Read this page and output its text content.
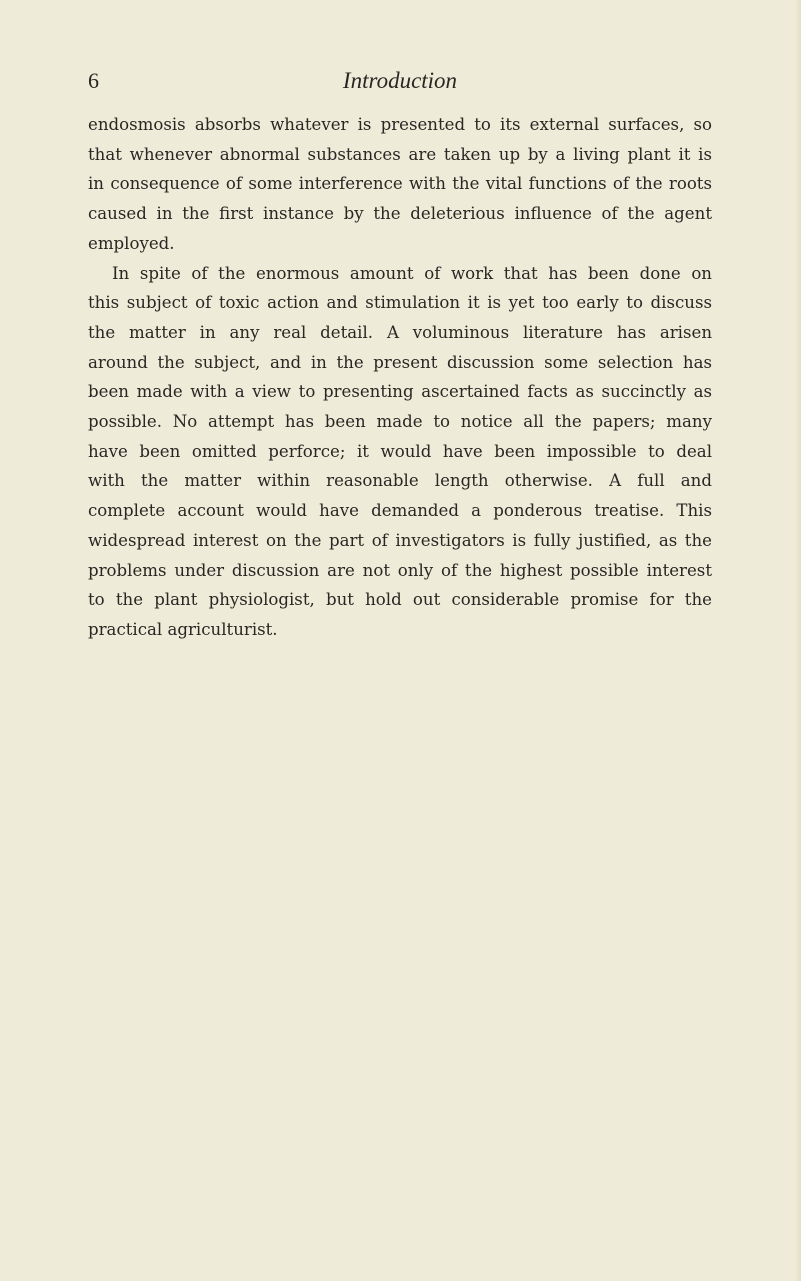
6	Introduction
endosmosis absorbs whatever is presented to its external surfaces, so
that whenever abnormal substances are taken up by a living plant it is
in consequence of some interference with the vital functions of the roots
caused in the first instance by the deleterious influence of the agent
employed.
In spite of the enormous amount of work that has been done on
this subject of toxic action and stimulation it is yet too early to discuss
the matter in any real detail. A voluminous literature has arisen
around the subject, and in the present discussion some selection has
been made with a view to presenting ascertained facts as succinctly as
possible. No attempt has been made to notice all the papers; many
have been omitted perforce; it would have been impossible to deal
with the matter within reasonable length otherwise. A full and
complete account would have demanded a ponderous treatise. This
widespread interest on the part of investigators is fully justified, as the
problems under discussion are not only of the highest possible interest
to the plant physiologist, but hold out considerable promise for the
practical agriculturist.
